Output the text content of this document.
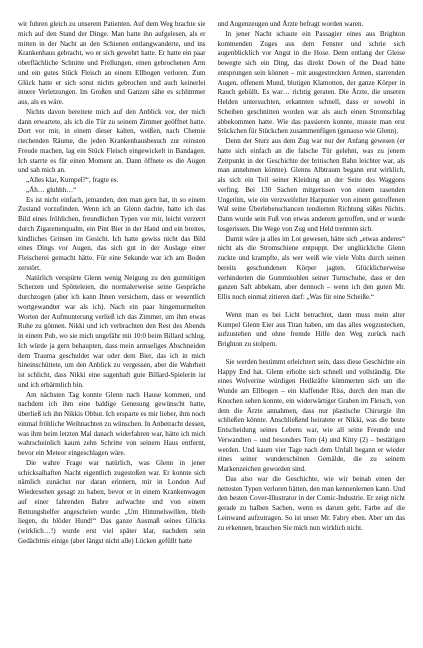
wir fuhren gleich zu unserem Patienten. Auf dem Weg brachte sie mich auf den Stand der Dinge. Man hatte ihn aufgelesen, als er mitten in der Nacht an den Schienen entlangwanderte, und ins Krankenhaus gebracht, wo er sich gewehrt hatte. Er hatte ein paar oberflächliche Schnitte und Prellungen, einen gebrochenen Arm und ein gutes Stück Fleisch an einem Ellbogen verloren. Zum Glück hatte er sich sonst nichts gebrochen und auch keinerlei innere Verletzungen. Im Großen und Ganzen sähe es schlimmer aus, als es wäre.

Nichts davon bereitete mich auf den Anblick vor, der mich dann erwartete, als ich die Tür zu seinem Zimmer geöffnet hatte. Dort vor mir, in einem dieser kalten, weißen, nach Chemie riechenden Räume, die jeden Krankenhausbesuch zur reinsten Freude machen, lag ein Stück Fleisch eingewickelt in Bandagen. Ich starrte es für einen Moment an. Dann öffnete es die Augen und sah mich an.

„Alles klar, Kumpel?“, fragte es.

„Äh… gluhhh…“

Es ist nicht einfach, jemanden, den man gern hat, in so einem Zustand vorzufinden. Wenn ich an Glenn dachte, hatte ich das Bild eines fröhlichen, freundlichen Typen vor mir, leicht verzerrt durch Zigarettenqualm, ein Pint Bier in der Hand und ein breites, kindliches Grinsen im Gesicht. Ich hatte gewiss nicht das Bild eines Dings vor Augen, das sich gut in der Auslage einer Fleischerei gemacht hätte. Für eine Sekunde war ich am Boden zerstört.

Natürlich verspürte Glenn wenig Neigung zu den gutmütigen Scherzen und Spötteleien, die normalerweise seine Gespräche durchzogen (aber ich kann Ihnen versichern, dass er wesentlich wortgewandter war als ich). Nach ein paar hingemurmelten Worten der Aufmunterung verließ ich das Zimmer, um ihm etwas Ruhe zu gönnen. Nikki und ich verbrachten den Rest des Abends in einem Pub, wo sie mich ungefähr mit 10:0 beim Billard schlug. Ich würde ja gern behaupten, dass mein armseliges Abschneiden dem Trauma geschuldet war oder dem Bier, das ich in mich hineinschüttete, um den Anblick zu vergessen, aber die Wahrheit ist schlicht, dass Nikki eine sagenhaft gute Billard-Spielerin ist und ich erbärmlich bin.

Am nächsten Tag konnte Glenn nach Hause kommen, und nachdem ich ihm eine baldige Genesung gewünscht hatte, überließ ich ihn Nikkis Obhut. Ich ersparte es mir lieber, ihm noch einmal fröhliche Weihnachten zu wünschen. In Anbetracht dessen, was ihm beim letzten Mal danach widerfahren war, hätte ich mich wahrscheinlich kaum zehn Schritte von seinem Haus entfernt, bevor ein Meteor eingeschlagen wäre.

Die wahre Frage war natürlich, was Glenn in jener schicksalhaften Nacht eigentlich zugestoßen war. Er konnte sich nämlich zunächst nur daran erinnern, mir in London Auf Wiedersehen gesagt zu haben, bevor er in einem Krankenwagen auf einer fahrenden Bahre aufwachte und von einem Rettungshelfer angeschrien wurde: „Um Himmelswillen, bleib liegen, du blöder Hund!“ Das ganze Ausmaß seines Glücks (wirklich…!) wurde erst viel später klar, nachdem sein Gedächtnis einige (aber längst nicht alle) Lücken gefüllt hatte

und Augenzeugen und Ärzte befragt worden waren.

In jener Nacht schaute ein Passagier eines aus Brighton kommenden Zuges aus dem Fenster und schrie sich augenblicklich vor Angst in die Hose. Denn entlang der Gleise bewegte sich ein Ding, das direkt Down of the Dead hätte entsprungen sein können – mit ausgestreckten Armen, starrenden Augen, offenem Mund, blutigen Klamotten, der ganze Körper in Rauch gehüllt. Es war… richtig geraten. Die Ärzte, die unseren Helden untersuchten, erkannten schnell, dass er sowohl in Scheiben geschnitten worden war als auch einen Stromschlag abbekommen hatte. Wie das passieren konnte, musste man erst Stückchen für Stückchen zusammenfügen (genauso wie Glenn).

Denn der Sturz aus dem Zug war nur der Anfang gewesen (er hatte sich einfach an die falsche Tür gelehnt, was zu jenem Zeitpunkt in der Geschichte der britischen Bahn leichter war, als man annehmen könnte). Glenns Albtraum begann erst wirklich, als sich ein Teil seiner Kleidung an der Seite des Waggons verfing. Bei 130 Sachen mitgerissen von einem rasenden Ungetüm, wie ein verzweifelter Harpunier von einem getroffenen Wal seine Überlebenschancen tendierten Richtung süßes Nichts. Dann wurde sein Fuß von etwas anderem getroffen, und er wurde losgerissen. Die Wege von Zug und Held trennten sich.

Damit wäre ja alles im Lot gewesen, hätte sich „etwas anderes“ nicht als die Stromschiene entpuppt. Der unglückliche Glenn zuckte und krampfte, als wer weiß wie viele Volts durch seinen bereits geschundenen Körper jagten. Glücklicherweise verhinderten die Gummisohlen seiner Turnschuhe, dass er den ganzen Saft abbekam, aber dennoch – wenn ich den guten Mr. Ellis noch einmal zitieren darf: „Was für eine Scheiße.“

Wenn man es bei Licht betrachtet, dann muss mein alter Kumpel Glenn Eier aus Titan haben, um das alles wegzustecken, aufzustehen und ohne fremde Hilfe den Weg zurück nach Brighton zu stolpern.

Sie werden bestimmt erleichtert sein, dass diese Geschichte ein Happy End hat. Glenn erholte sich schnell und vollständig. Die eines Wolverine würdigen Heilkräfte kümmerten sich um die Wunde am Ellbogen – ein klaffender Riss, durch den man die Knochen sehen konnte, ein widerwärtiger Graben im Fleisch, von dem die Ärzte annahmen, dass nur plastische Chirurgie ihn schließen könnte. Anschließend heiratete er Nikki, was die beste Entscheidung seines Lebens war, wie all seine Freunde und Verwandten – und besonders Tom (4) und Kitty (2) – bestätigen werden. Und kaum vier Tage nach dem Unfall begann er wieder eines seiner wunderschönen Gemälde, die zu seinem Markenzeichen geworden sind.

Das also war die Geschichte, wie wir beinah einen der nettesten Typen verloren hätten, den man kennenlernen kann. Und den besten Cover-Illustrator in der Comic-Industrie. Er zeigt nicht gerade zu halben Sachen, wenn es darum geht, Farbe auf die Leinwand aufzutragen. So ist unser Mr. Fabry eben. Aber um das zu erkennen, brauchen Sie mich nun wirklich nicht.
